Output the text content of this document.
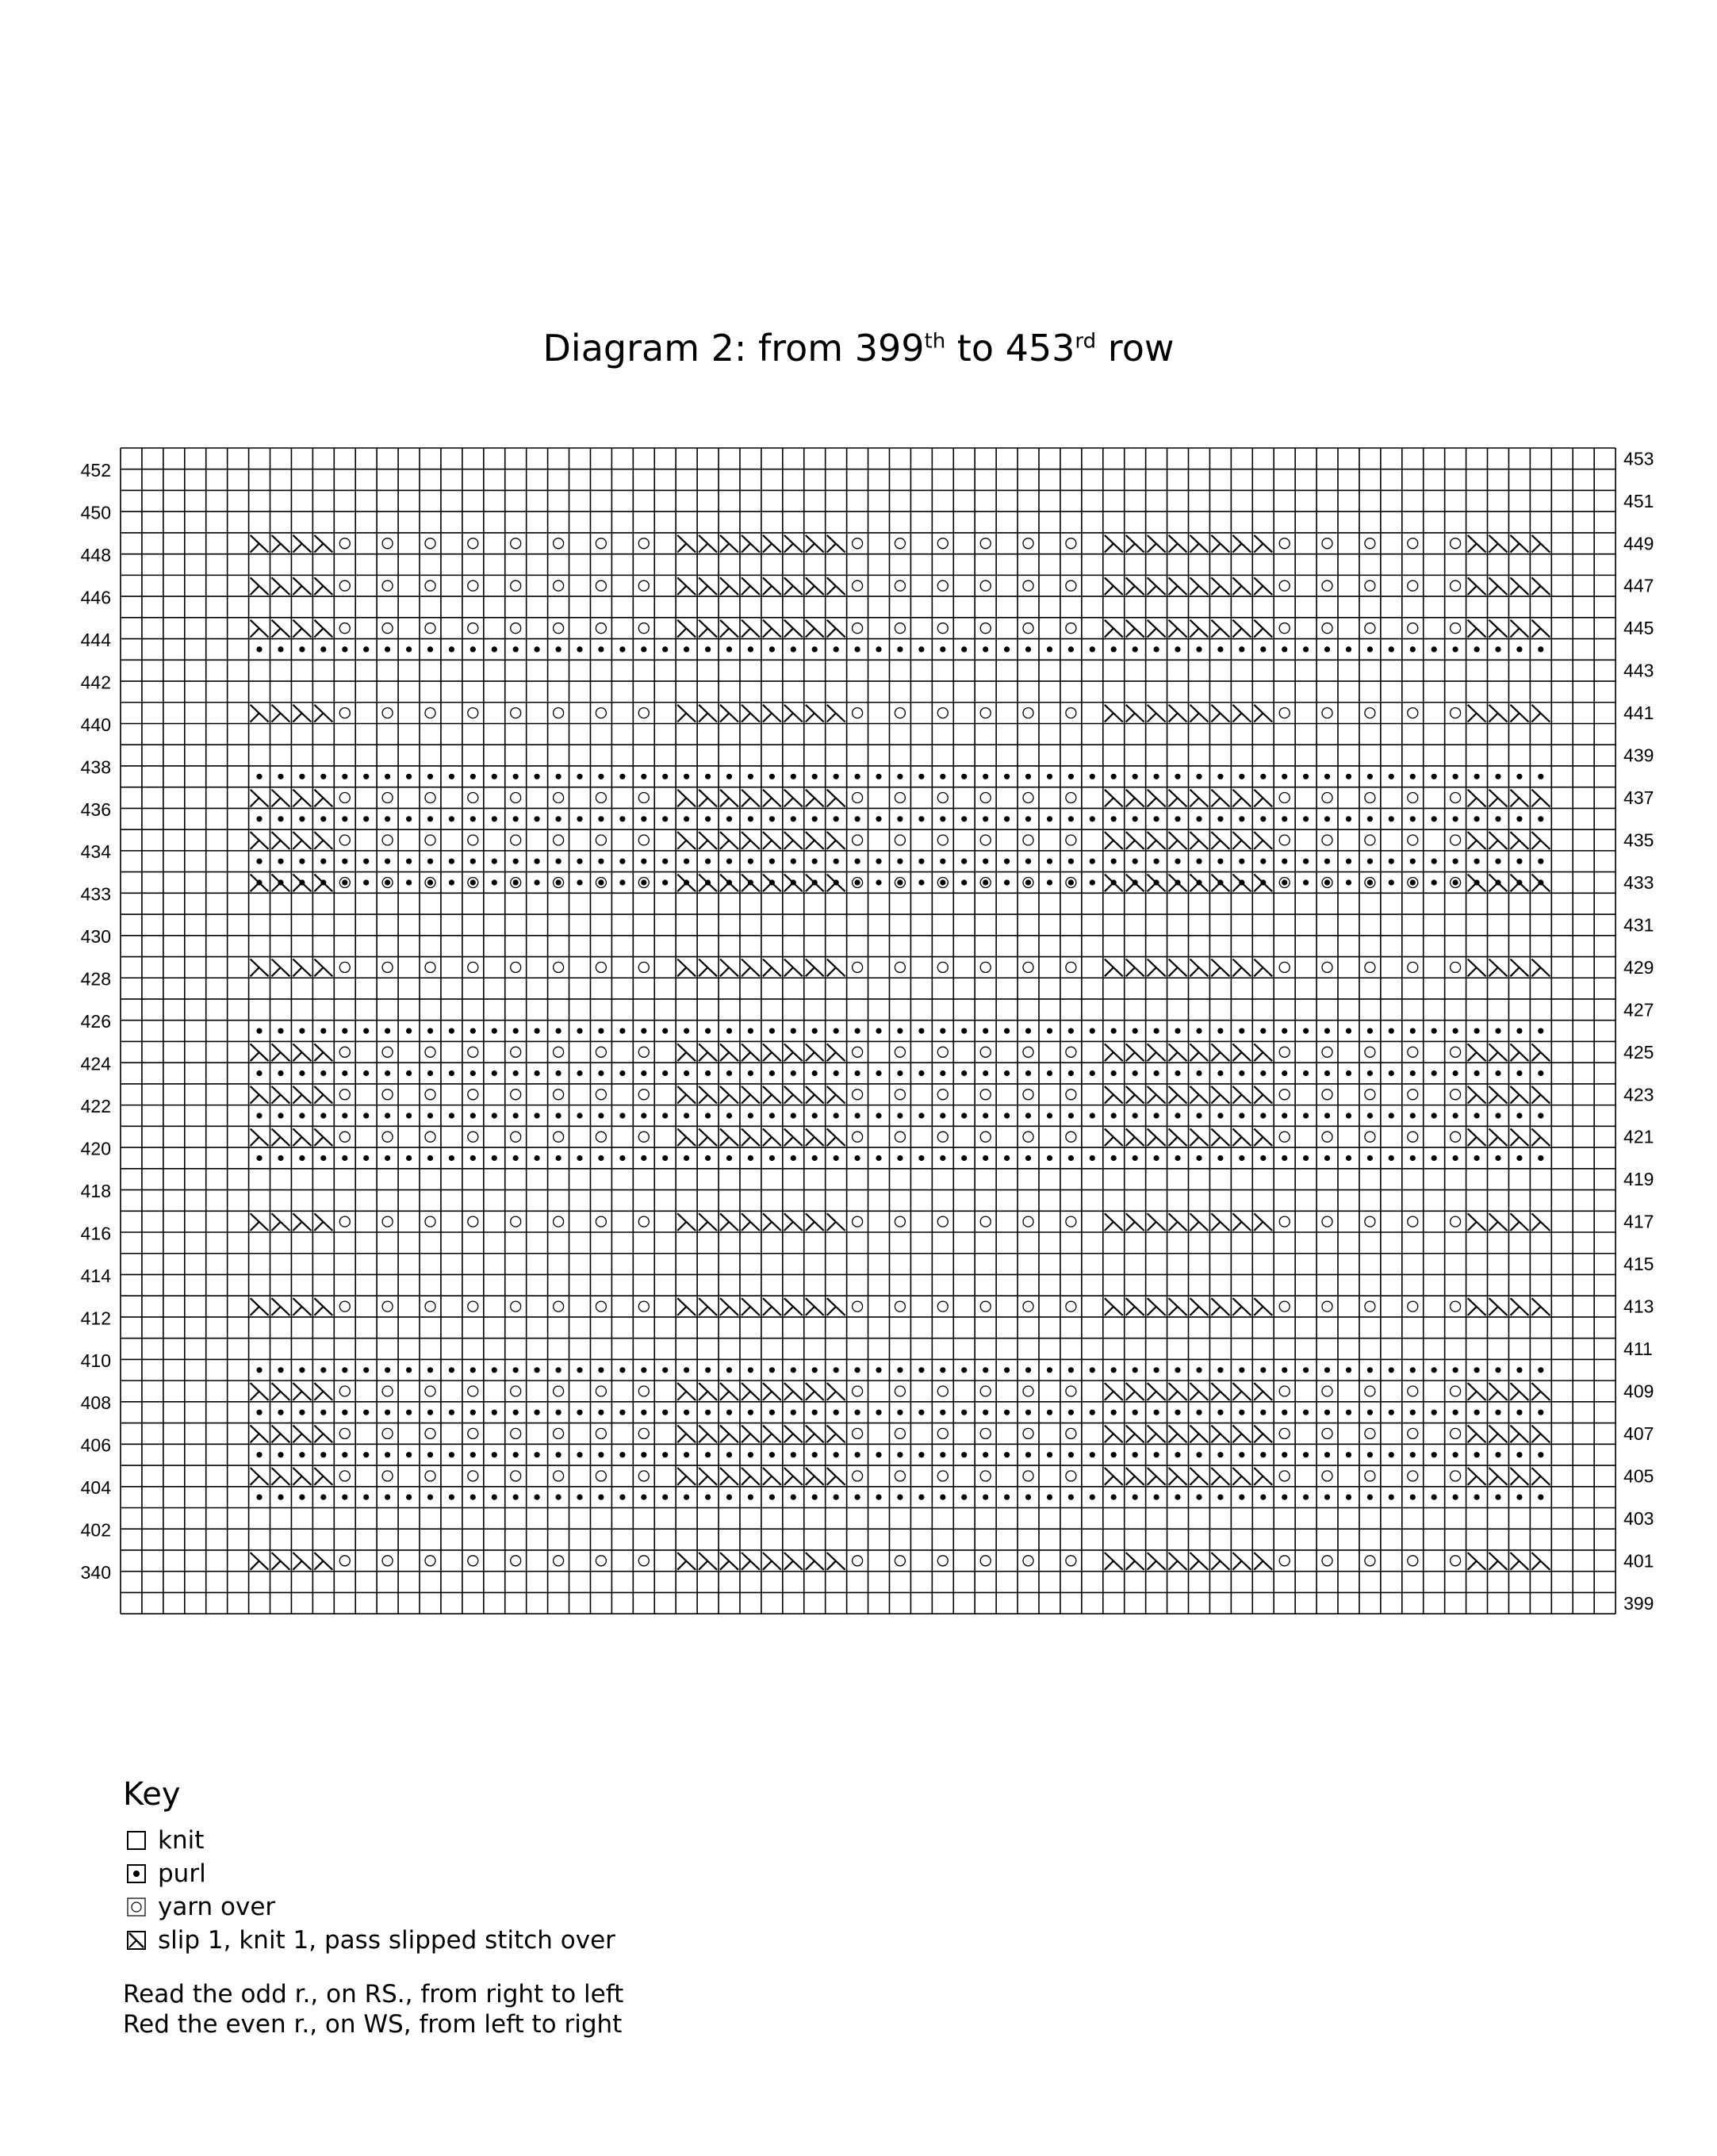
Diagram 2: from 399th to 453rd row
453
451
449
447
445
443
441
439
437
435
433
431
429
427
425
423
421
419
417
415
413
411
409
407
405
403
401
399
452
450
448
446
444
442
440
438
436
434
433
430
428
426
424
422
420
418
416
414
412
410
408
406
404
402
340
Key
knit
purl
yarn over
slip 1, knit 1, pass slipped stitch over
Read the odd r., on RS., from right to left
Red the even r., on WS, from left to right
